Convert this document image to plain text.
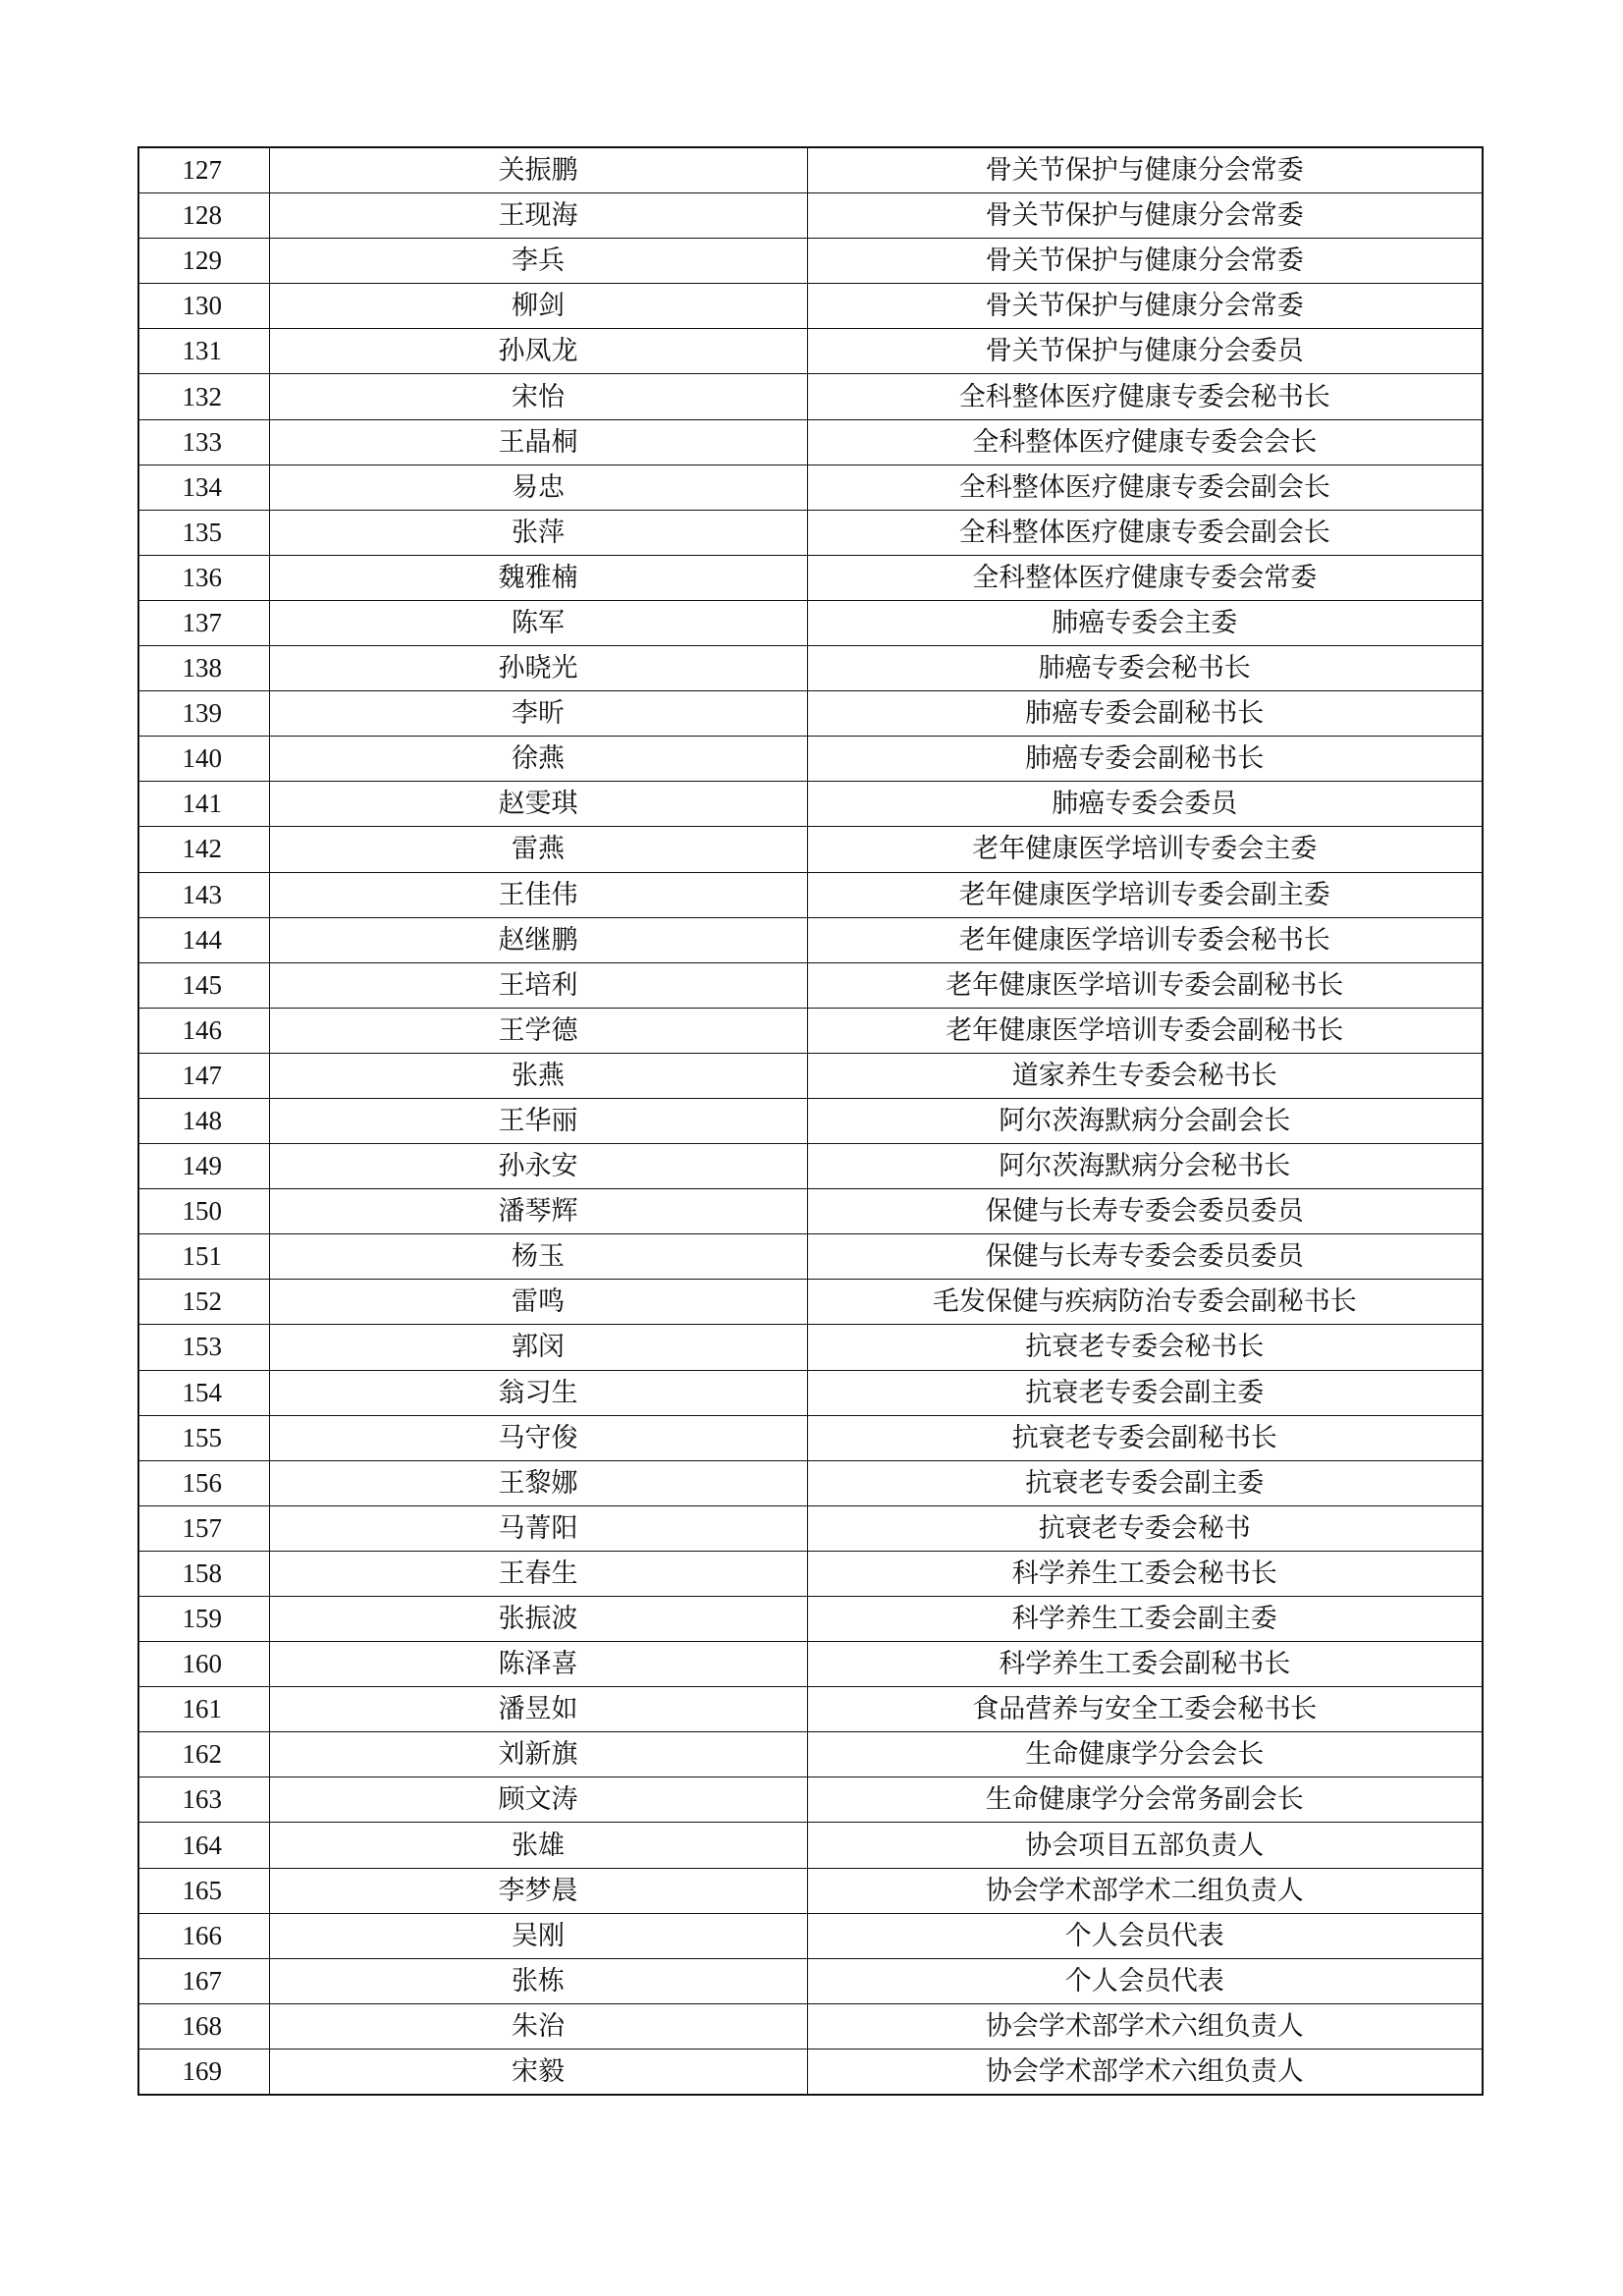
127	关振鹏	骨关节保护与健康分会常委
128	王现海	骨关节保护与健康分会常委
129	李兵	骨关节保护与健康分会常委
130	柳剑	骨关节保护与健康分会常委
131	孙凤龙	骨关节保护与健康分会委员
132	宋怡	全科整体医疗健康专委会秘书长
133	王晶桐	全科整体医疗健康专委会会长
134	易忠	全科整体医疗健康专委会副会长
135	张萍	全科整体医疗健康专委会副会长
136	魏雅楠	全科整体医疗健康专委会常委
137	陈军	肺癌专委会主委
138	孙晓光	肺癌专委会秘书长
139	李昕	肺癌专委会副秘书长
140	徐燕	肺癌专委会副秘书长
141	赵雯琪	肺癌专委会委员
142	雷燕	老年健康医学培训专委会主委
143	王佳伟	老年健康医学培训专委会副主委
144	赵继鹏	老年健康医学培训专委会秘书长
145	王培利	老年健康医学培训专委会副秘书长
146	王学德	老年健康医学培训专委会副秘书长
147	张燕	道家养生专委会秘书长
148	王华丽	阿尔茨海默病分会副会长
149	孙永安	阿尔茨海默病分会秘书长
150	潘琴辉	保健与长寿专委会委员委员
151	杨玉	保健与长寿专委会委员委员
152	雷鸣	毛发保健与疾病防治专委会副秘书长
153	郭闵	抗衰老专委会秘书长
154	翁习生	抗衰老专委会副主委
155	马守俊	抗衰老专委会副秘书长
156	王黎娜	抗衰老专委会副主委
157	马菁阳	抗衰老专委会秘书
158	王春生	科学养生工委会秘书长
159	张振波	科学养生工委会副主委
160	陈泽喜	科学养生工委会副秘书长
161	潘昱如	食品营养与安全工委会秘书长
162	刘新旗	生命健康学分会会长
163	顾文涛	生命健康学分会常务副会长
164	张雄	协会项目五部负责人
165	李梦晨	协会学术部学术二组负责人
166	吴刚	个人会员代表
167	张栋	个人会员代表
168	朱治	协会学术部学术六组负责人
169	宋毅	协会学术部学术六组负责人
